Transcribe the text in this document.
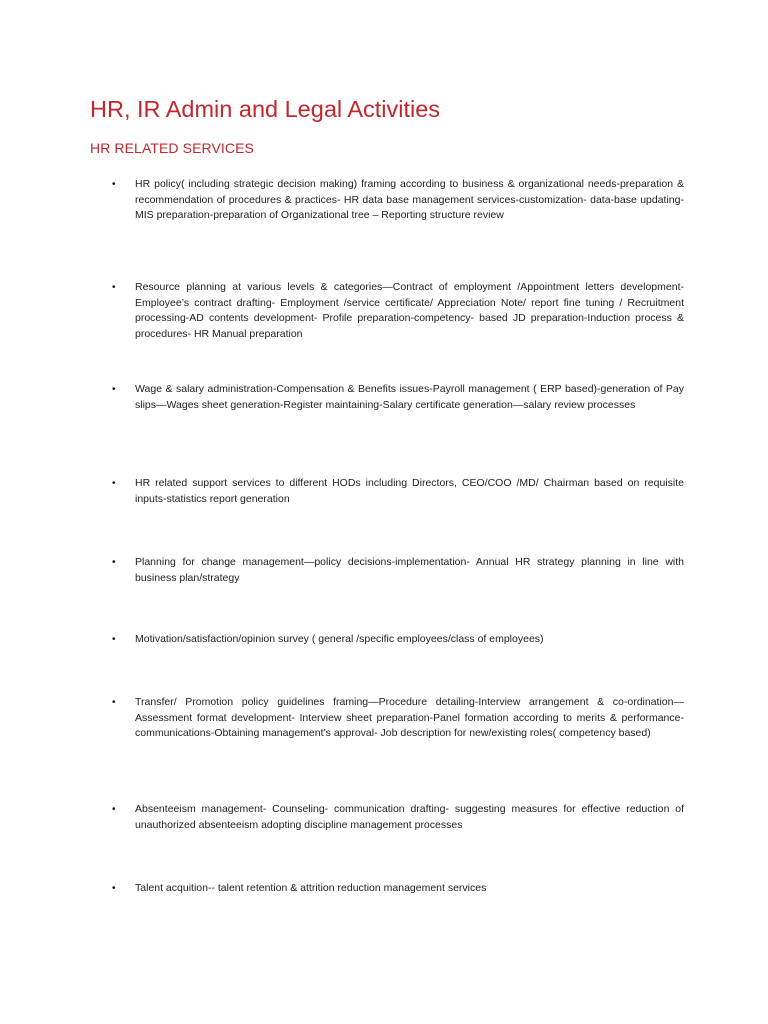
HR, IR Admin and Legal Activities
HR RELATED SERVICES
•	HR policy( including strategic decision making) framing according to business & organizational needs-preparation & recommendation of procedures & practices- HR data base management services-customization- data-base updating-MIS preparation-preparation of Organizational tree – Reporting structure review
•	Resource planning at various levels & categories—Contract of employment /Appointment letters development- Employee’s contract drafting- Employment /service certificate/ Appreciation Note/ report fine tuning / Recruitment processing-AD contents development- Profile preparation-competency- based JD preparation-Induction process & procedures- HR Manual preparation
•	Wage & salary administration-Compensation & Benefits issues-Payroll management ( ERP based)-generation of Pay slips—Wages sheet generation-Register maintaining-Salary certificate generation—salary review processes
•	HR related support services to different HODs including Directors, CEO/COO /MD/ Chairman based on requisite inputs-statistics report generation
•	Planning for change management—policy decisions-implementation- Annual HR strategy planning in line with business plan/strategy
•	Motivation/satisfaction/opinion survey ( general /specific employees/class of employees)
•	Transfer/ Promotion policy guidelines framing—Procedure detailing-Interview arrangement & co-ordination—Assessment format development- Interview sheet preparation-Panel formation according to merits & performance- communications-Obtaining management’s approval- Job description for new/existing roles( competency based)
•	Absenteeism management- Counseling- communication drafting- suggesting measures for effective reduction of unauthorized absenteeism adopting discipline management processes
•	Talent acquition-- talent retention & attrition reduction management services
